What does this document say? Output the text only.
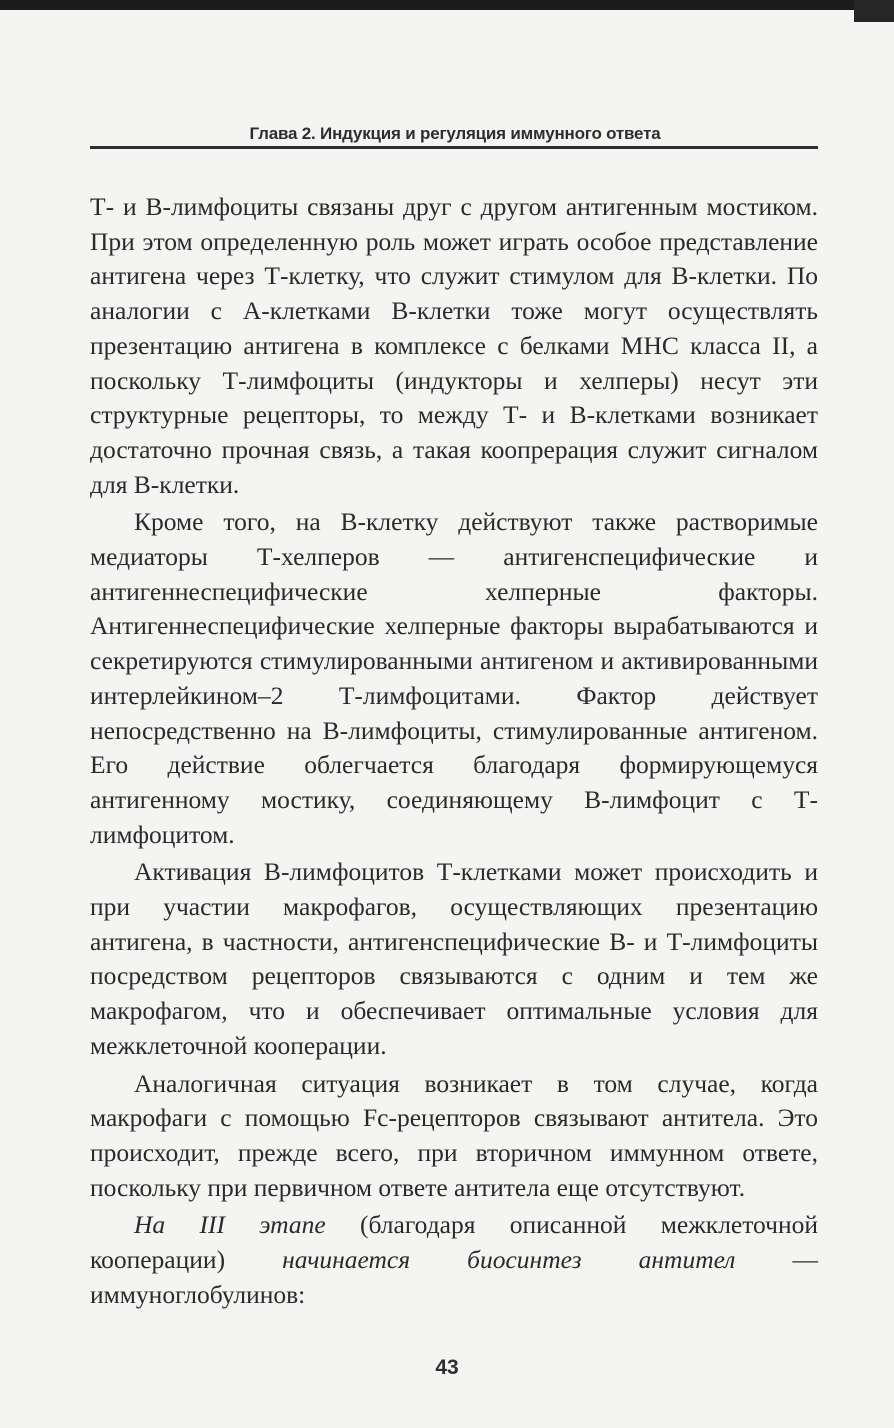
Глава 2. Индукция и регуляция иммунного ответа

Т- и В-лимфоциты связаны друг с другом антигенным мостиком. При этом определенную роль может играть особое представление антигена через Т-клетку, что служит стимулом для В-клетки. По аналогии с А-клетками В-клетки тоже могут осуществлять презентацию антигена в комплексе с белками МНС класса II, а поскольку Т-лимфоциты (индукторы и хелперы) несут эти структурные рецепторы, то между Т- и В-клетками возникает достаточно прочная связь, а такая коопрерация служит сигналом для В-клетки.

Кроме того, на В-клетку действуют также растворимые медиаторы Т-хелперов — антигенспецифические и антигеннеспецифические хелперные факторы. Антигеннеспецифические хелперные факторы вырабатываются и секретируются стимулированными антигеном и активированными интерлейкином–2 Т-лимфоцитами. Фактор действует непосредственно на В-лимфоциты, стимулированные антигеном. Его действие облегчается благодаря формирующемуся антигенному мостику, соединяющему В-лимфоцит с Т-лимфоцитом.

Активация В-лимфоцитов Т-клетками может происходить и при участии макрофагов, осуществляющих презентацию антигена, в частности, антигенспецифические В- и Т-лимфоциты посредством рецепторов связываются с одним и тем же макрофагом, что и обеспечивает оптимальные условия для межклеточной кооперации.

Аналогичная ситуация возникает в том случае, когда макрофаги с помощью Fc-рецепторов связывают антитела. Это происходит, прежде всего, при вторичном иммунном ответе, поскольку при первичном ответе антитела еще отсутствуют.

На III этапе (благодаря описанной межклеточной кооперации) начинается биосинтез антител — иммуноглобулинов:

43
